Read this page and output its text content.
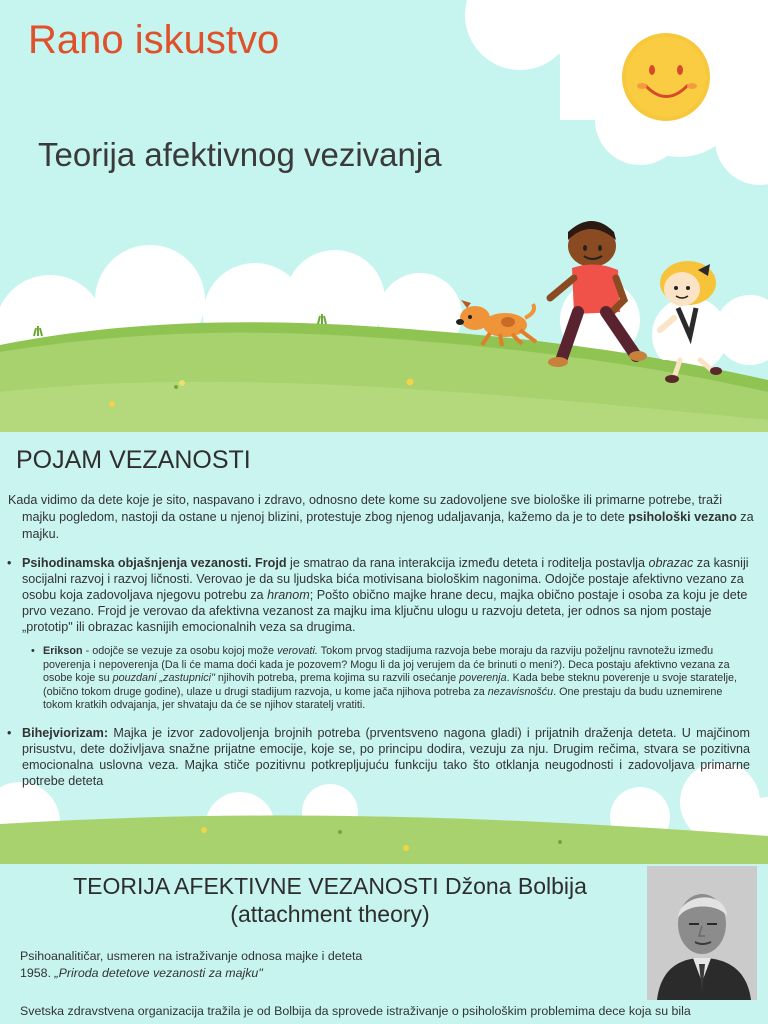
Rano iskustvo
Teorija afektivnog vezivanja
POJAM VEZANOSTI

Kada vidimo da dete koje je sito, naspavano i zdravo, odnosno dete kome su zadovoljene sve biološke ili primarne potrebe, traži majku pogledom, nastoji da ostane u njenoj blizini, protestuje zbog njenog udaljavanja, kažemo da je to dete psihološki vezano za majku.

• Psihodinamska objašnjenja vezanosti. Frojd je smatrao da rana interakcija između deteta i roditelja postavlja obrazac za kasniji socijalni razvoj i razvoj ličnosti. Verovao je da su ljudska bića motivisana biološkim nagonima. Odojče postaje afektivno vezano za osobu koja zadovoljava njegovu potrebu za hranom; Pošto obično majke hrane decu, majka obično postaje i osoba za koju je dete prvo vezano. Frojd je verovao da afektivna vezanost za majku ima ključnu ulogu u razvoju deteta, jer odnos sa njom postaje „prototip" ili obrazac kasnijih emocionalnih veza sa drugima.

• Erikson - odojče se vezuje za osobu kojoj može verovati. Tokom prvog stadijuma razvoja bebe moraju da razviju poželjnu ravnotežu između poverenja i nepoverenja (Da li će mama doći kada je pozovem? Mogu li da joj verujem da će brinuti o meni?). Deca postaju afektivno vezana za osobe koje su pouzdani „zastupnici" njihovih potreba, prema kojima su razvili osećanje poverenja. Kada bebe steknu poverenje u svoje staratelje, (obično tokom druge godine), ulaze u drugi stadijum razvoja, u kome jača njihova potreba za nezavisnošću. One prestaju da budu uznemirene tokom kratkih odvajanja, jer shvataju da će se njihov staratelj vratiti.

• Bihejviorizam: Majka je izvor zadovoljenja brojnih potreba (prventsveno nagona gladi) i prijatnih draženja deteta. U majčinom prisustvu, dete doživljava snažne prijatne emocije, koje se, po principu dodira, vezuju za nju. Drugim rečima, stvara se pozitivna emocionalna uslovna veza. Majka stiče pozitivnu potkrepljujuću funkciju tako što otklanja neugodnosti i zadovoljava primarne potrebe deteta
TEORIJA AFEKTIVNE VEZANOSTI Džona Bolbija
(attachment theory)

Psihoanalitičar, usmeren na istraživanje odnosa majke i deteta
1958. „Priroda detetove vezanosti za majku"

Svetska zdravstvena organizacija tražila je od Bolbija da sprovede istraživanje o psihološkim problemima dece koja su bila
